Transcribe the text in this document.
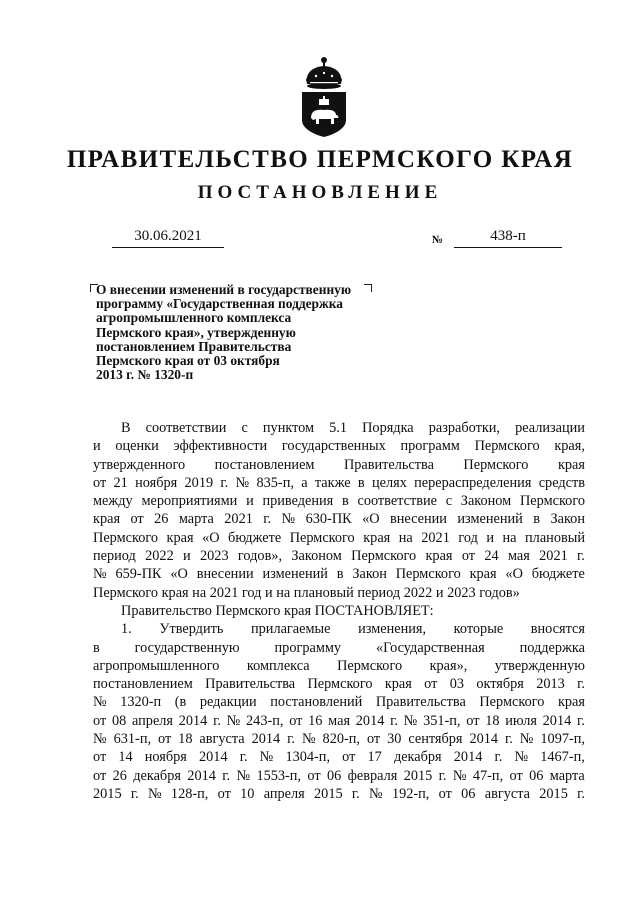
ПРАВИТЕЛЬСТВО ПЕРМСКОГО КРАЯ
ПОСТАНОВЛЕНИЕ
30.06.2021	№	438-п
О внесении изменений в государственную
программу «Государственная поддержка
агропромышленного комплекса
Пермского края», утвержденную
постановлением Правительства
Пермского края от 03 октября
2013 г. № 1320-п
В соответствии с пунктом 5.1 Порядка разработки, реализации
и оценки эффективности государственных программ Пермского края,
утвержденного постановлением Правительства Пермского края
от 21 ноября 2019 г. № 835-п, а также в целях перераспределения средств
между мероприятиями и приведения в соответствие с Законом Пермского
края от 26 марта 2021 г. № 630-ПК «О внесении изменений в Закон
Пермского края «О бюджете Пермского края на 2021 год и на плановый
период 2022 и 2023 годов», Законом Пермского края от 24 мая 2021 г.
№ 659-ПК «О внесении изменений в Закон Пермского края «О бюджете
Пермского края на 2021 год и на плановый период 2022 и 2023 годов»
Правительство Пермского края ПОСТАНОВЛЯЕТ:
1. Утвердить прилагаемые изменения, которые вносятся
в государственную программу «Государственная поддержка
агропромышленного комплекса Пермского края», утвержденную
постановлением Правительства Пермского края от 03 октября 2013 г.
№ 1320-п (в редакции постановлений Правительства Пермского края
от 08 апреля 2014 г. № 243-п, от 16 мая 2014 г. № 351-п, от 18 июля 2014 г.
№ 631-п, от 18 августа 2014 г. № 820-п, от 30 сентября 2014 г. № 1097-п,
от 14 ноября 2014 г. № 1304-п, от 17 декабря 2014 г. № 1467-п,
от 26 декабря 2014 г. № 1553-п, от 06 февраля 2015 г. № 47-п, от 06 марта
2015 г. № 128-п, от 10 апреля 2015 г. № 192-п, от 06 августа 2015 г.
